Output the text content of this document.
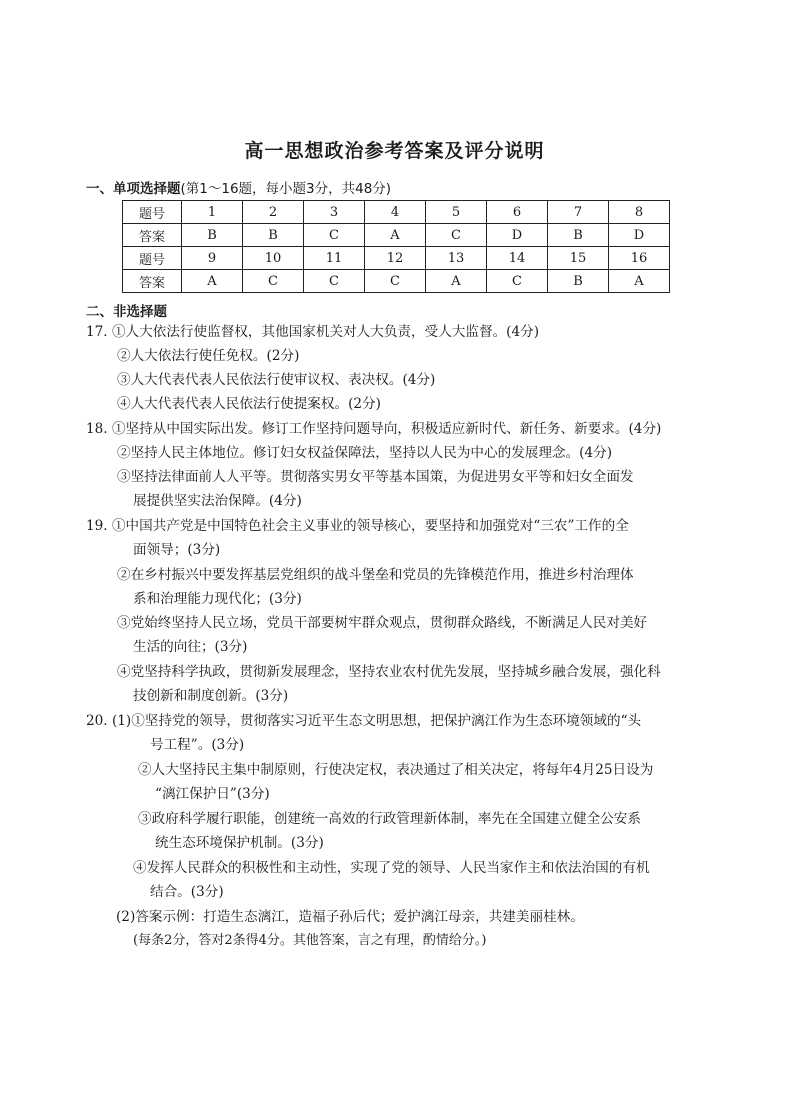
高一思想政治参考答案及评分说明
一、单项选择题(第1～16题，每小题3分，共48分)
题号	1	2	3	4	5	6	7	8
答案	B	B	C	A	C	D	B	D
题号	9	10	11	12	13	14	15	16
答案	A	C	C	C	A	C	B	A
二、非选择题
17. ①人大依法行使监督权，其他国家机关对人大负责，受人大监督。(4分)
②人大依法行使任免权。(2分)
③人大代表代表人民依法行使审议权、表决权。(4分)
④人大代表代表人民依法行使提案权。(2分)
18. ①坚持从中国实际出发。修订工作坚持问题导向，积极适应新时代、新任务、新要求。(4分)
②坚持人民主体地位。修订妇女权益保障法，坚持以人民为中心的发展理念。(4分)
③坚持法律面前人人平等。贯彻落实男女平等基本国策，为促进男女平等和妇女全面发
展提供坚实法治保障。(4分)
19. ①中国共产党是中国特色社会主义事业的领导核心，要坚持和加强党对“三农”工作的全
面领导；(3分)
②在乡村振兴中要发挥基层党组织的战斗堡垒和党员的先锋模范作用，推进乡村治理体
系和治理能力现代化；(3分)
③党始终坚持人民立场，党员干部要树牢群众观点，贯彻群众路线，不断满足人民对美好
生活的向往；(3分)
④党坚持科学执政，贯彻新发展理念，坚持农业农村优先发展，坚持城乡融合发展，强化科
技创新和制度创新。(3分)
20. (1)①坚持党的领导，贯彻落实习近平生态文明思想，把保护漓江作为生态环境领域的“头
号工程”。(3分)
②人大坚持民主集中制原则，行使决定权，表决通过了相关决定，将每年4月25日设为
“漓江保护日”(3分)
③政府科学履行职能，创建统一高效的行政管理新体制，率先在全国建立健全公安系
统生态环境保护机制。(3分)
④发挥人民群众的积极性和主动性，实现了党的领导、人民当家作主和依法治国的有机
结合。(3分)
(2)答案示例：打造生态漓江，造福子孙后代；爱护漓江母亲，共建美丽桂林。
(每条2分，答对2条得4分。其他答案，言之有理，酌情给分。)
